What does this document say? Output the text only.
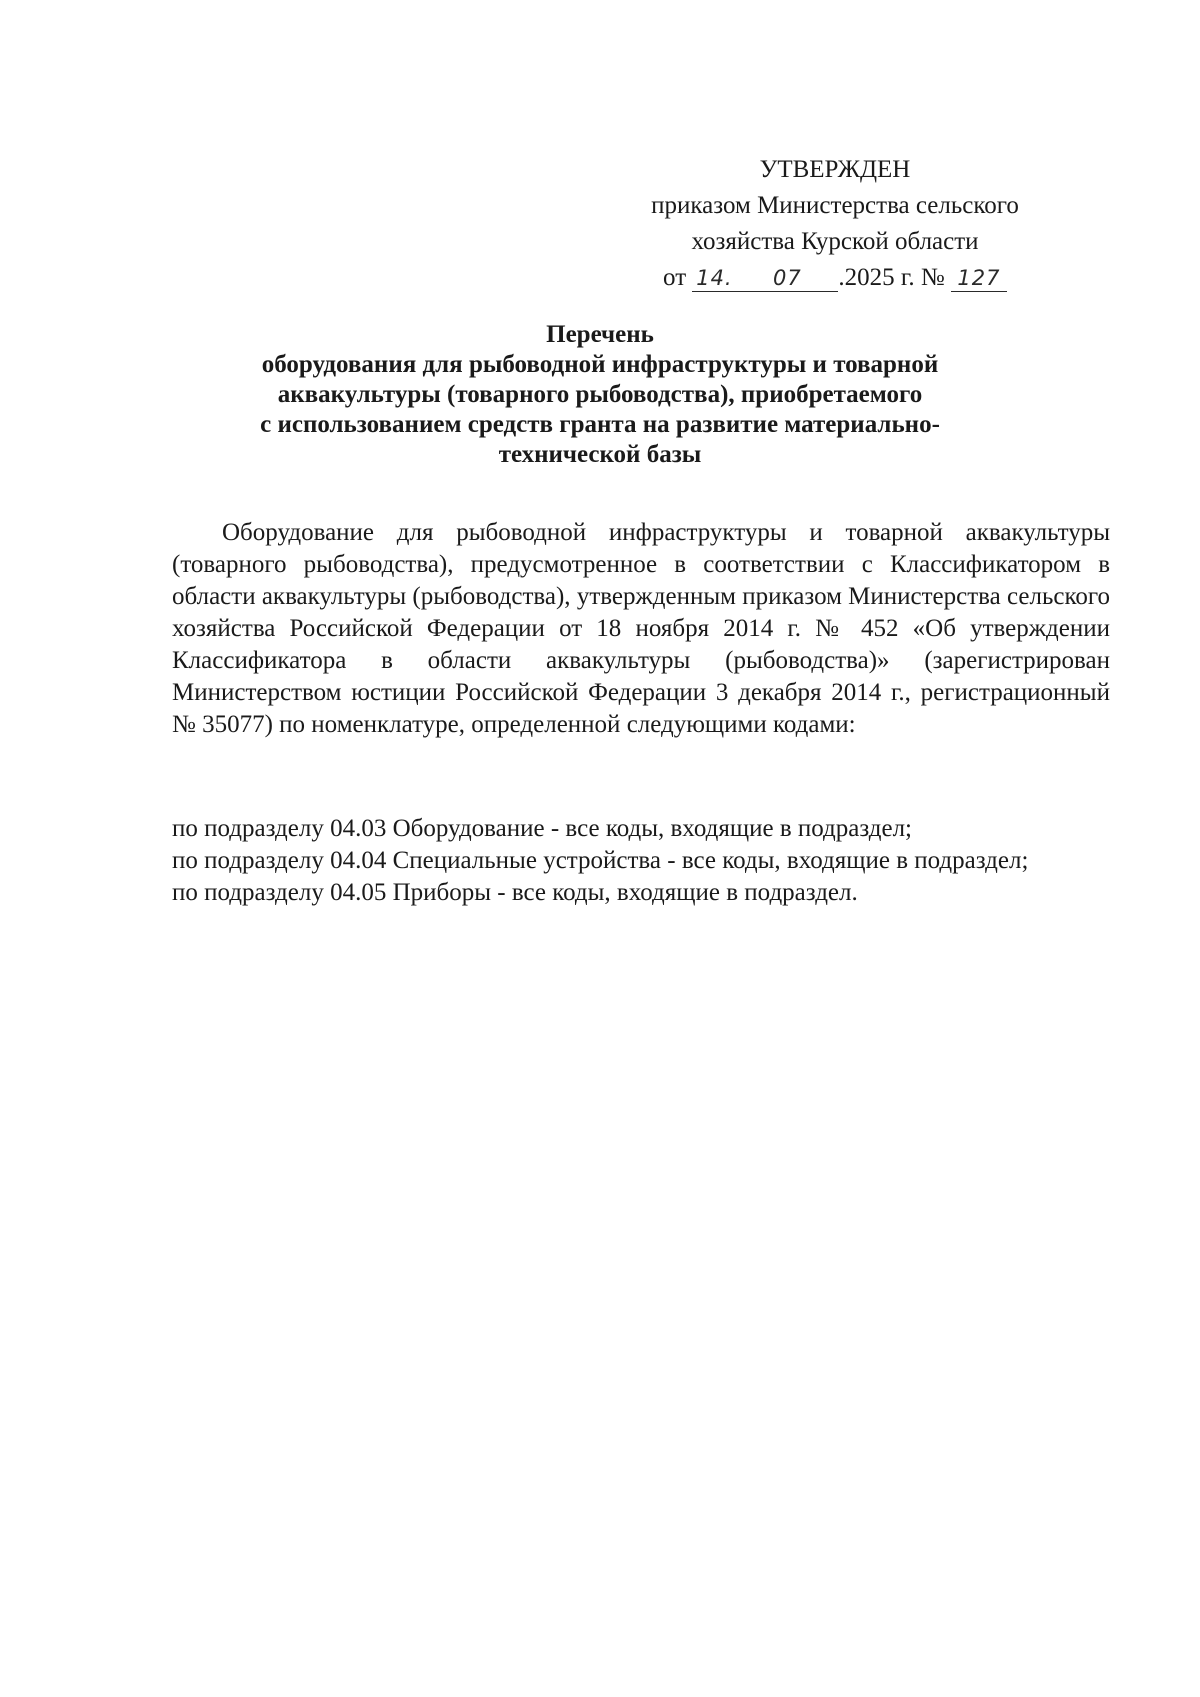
УТВЕРЖДЕН
приказом Министерства сельского
хозяйства Курской области
от 14. 07 .2025 г. № 127
Перечень
оборудования для рыбоводной инфраструктуры и товарной
аквакультуры (товарного рыбоводства), приобретаемого
с использованием средств гранта на развитие материально-
технической базы
Оборудование для рыбоводной инфраструктуры и товарной аквакультуры (товарного рыбоводства), предусмотренное в соответствии с Классификатором в области аквакультуры (рыбоводства), утвержденным приказом Министерства сельского хозяйства Российской Федерации от 18 ноября 2014 г. № 452 «Об утверждении Классификатора в области аквакультуры (рыбоводства)» (зарегистрирован Министерством юстиции Российской Федерации 3 декабря 2014 г., регистрационный № 35077) по номенклатуре, определенной следующими кодами:

по подразделу 04.03 Оборудование - все коды, входящие в подраздел;

по подразделу 04.04 Специальные устройства - все коды, входящие в подраздел;

по подразделу 04.05 Приборы - все коды, входящие в подраздел.
